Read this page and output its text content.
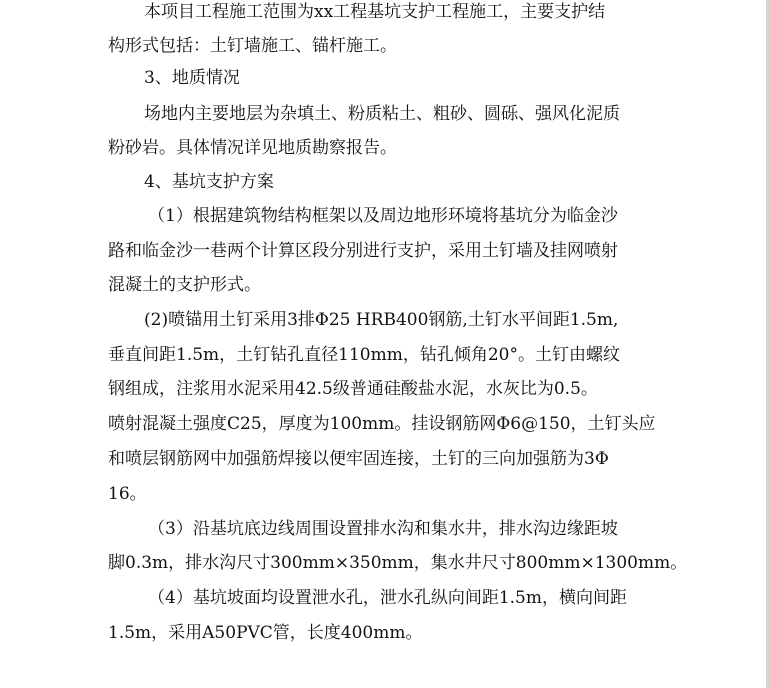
本项目工程施工范围为xx工程基坑支护工程施工，主要支护结
构形式包括：土钉墙施工、锚杆施工。
3、地质情况
场地内主要地层为杂填土、粉质粘土、粗砂、圆砾、强风化泥质
粉砂岩。具体情况详见地质勘察报告。
4、基坑支护方案
（1）根据建筑物结构框架以及周边地形环境将基坑分为临金沙
路和临金沙一巷两个计算区段分别进行支护，采用土钉墙及挂网喷射
混凝土的支护形式。
(2)喷锚用土钉采用3排Φ25 HRB400钢筋,土钉水平间距1.5m,
垂直间距1.5m，土钉钻孔直径110mm，钻孔倾角20°。土钉由螺纹
钢组成，注浆用水泥采用42.5级普通硅酸盐水泥，水灰比为0.5。
喷射混凝土强度C25，厚度为100mm。挂设钢筋网Φ6@150，土钉头应
和喷层钢筋网中加强筋焊接以便牢固连接，土钉的三向加强筋为3Φ
16。
（3）沿基坑底边线周围设置排水沟和集水井，排水沟边缘距坡
脚0.3m，排水沟尺寸300mm×350mm，集水井尺寸800mm×1300mm。
（4）基坑坡面均设置泄水孔，泄水孔纵向间距1.5m，横向间距
1.5m，采用A50PVC管，长度400mm。
